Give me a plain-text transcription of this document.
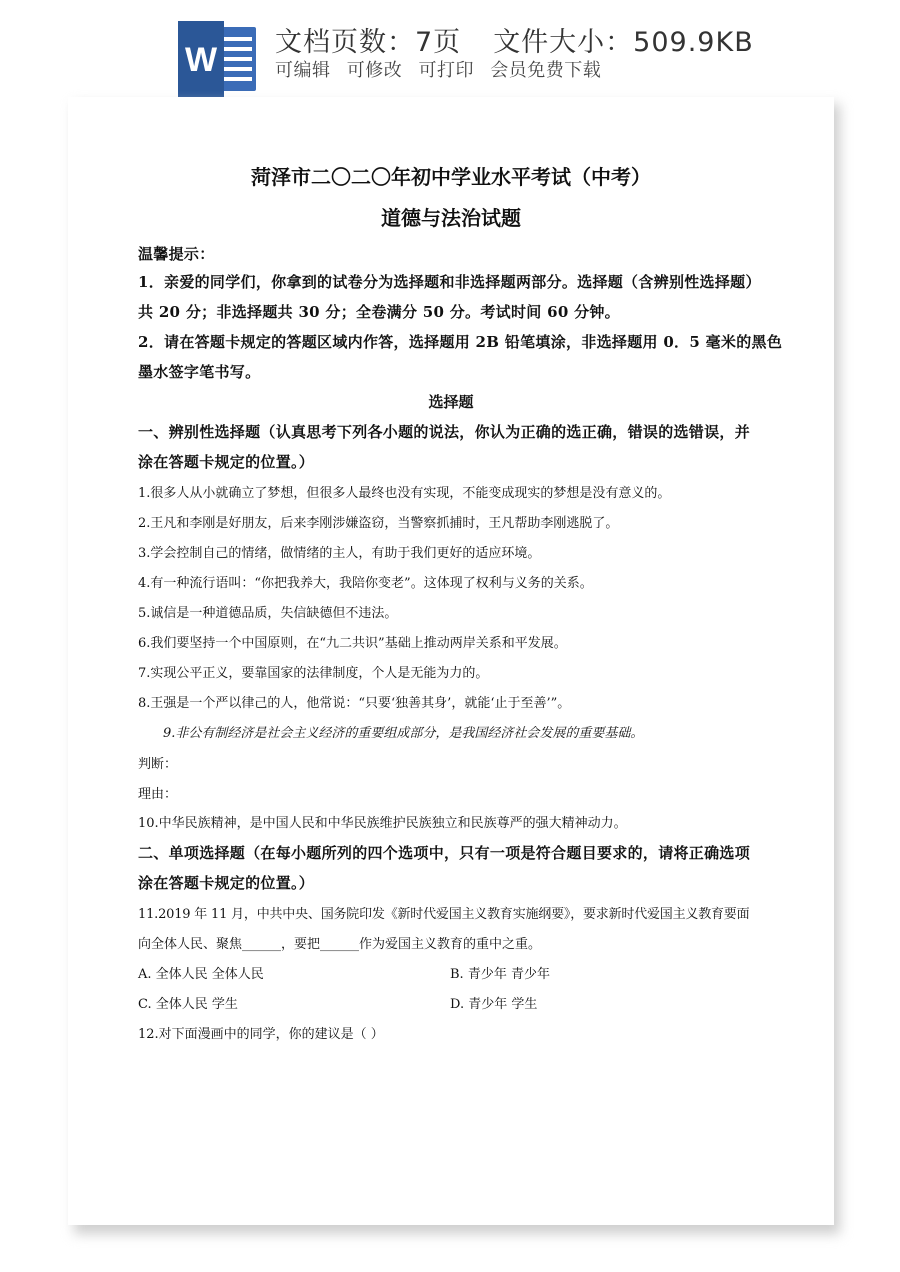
W 文档页数：7页 文件大小：509.9KB
可编辑 可修改 可打印 会员免费下载
菏泽市二〇二〇年初中学业水平考试（中考）
道德与法治试题
温馨提示：
1．亲爱的同学们，你拿到的试卷分为选择题和非选择题两部分。选择题（含辨别性选择题）
共 20 分；非选择题共 30 分；全卷满分 50 分。考试时间 60 分钟。
2．请在答题卡规定的答题区域内作答，选择题用 2B 铅笔填涂，非选择题用 0．5 毫米的黑色
墨水签字笔书写。
选择题
一、辨别性选择题（认真思考下列各小题的说法，你认为正确的选正确，错误的选错误，并
涂在答题卡规定的位置。）
1.很多人从小就确立了梦想，但很多人最终也没有实现，不能变成现实的梦想是没有意义的。
2.王凡和李刚是好朋友，后来李刚涉嫌盗窃，当警察抓捕时，王凡帮助李刚逃脱了。
3.学会控制自己的情绪，做情绪的主人，有助于我们更好的适应环境。
4.有一种流行语叫：“你把我养大，我陪你变老”。这体现了权利与义务的关系。
5.诚信是一种道德品质，失信缺德但不违法。
6.我们要坚持一个中国原则，在“九二共识”基础上推动两岸关系和平发展。
7.实现公平正义，要靠国家的法律制度，个人是无能为力的。
8.王强是一个严以律己的人，他常说：“只要‘独善其身’，就能‘止于至善’”。
9.非公有制经济是社会主义经济的重要组成部分，是我国经济社会发展的重要基础。
判断：
理由：
10.中华民族精神，是中国人民和中华民族维护民族独立和民族尊严的强大精神动力。
二、单项选择题（在每小题所列的四个选项中，只有一项是符合题目要求的，请将正确选项
涂在答题卡规定的位置。）
11.2019 年 11 月，中共中央、国务院印发《新时代爱国主义教育实施纲要》，要求新时代爱国主义教育要面
向全体人民、聚焦______，要把______作为爱国主义教育的重中之重。
A. 全体人民 全体人民	B. 青少年 青少年
C. 全体人民 学生	D. 青少年 学生
12.对下面漫画中的同学，你的建议是（ ）
